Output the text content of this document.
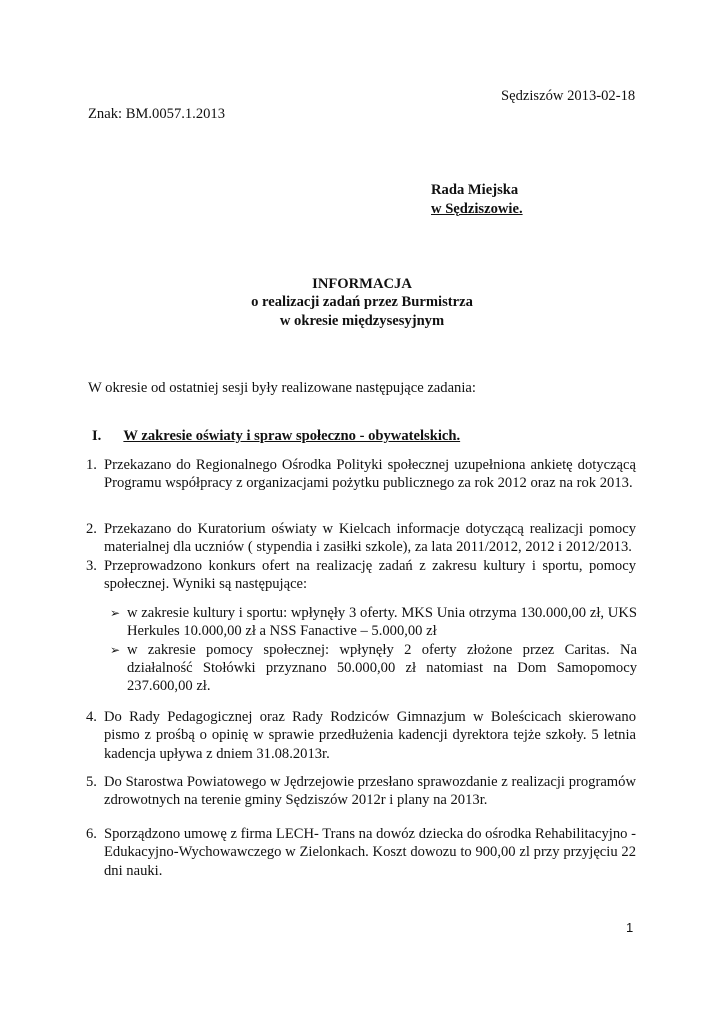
Sędziszów 2013-02-18
Znak: BM.0057.1.2013
Rada Miejska
w Sędziszowie.
INFORMACJA
o realizacji zadań przez Burmistrza
w okresie międzysesyjnym
W okresie od ostatniej sesji były realizowane następujące zadania:
I. W zakresie oświaty i spraw społeczno - obywatelskich.
1. Przekazano do Regionalnego Ośrodka Polityki społecznej uzupełniona ankietę dotyczącą Programu współpracy z organizacjami pożytku publicznego za rok 2012 oraz na rok 2013.
2. Przekazano do Kuratorium oświaty w Kielcach informacje dotyczącą realizacji pomocy materialnej dla uczniów ( stypendia i zasiłki szkole), za lata 2011/2012, 2012 i 2012/2013.
3. Przeprowadzono konkurs ofert na realizację zadań z zakresu kultury i sportu, pomocy społecznej. Wyniki są następujące:
➢ w zakresie kultury i sportu: wpłynęły 3 oferty. MKS Unia otrzyma 130.000,00 zł, UKS Herkules 10.000,00 zł a NSS Fanactive – 5.000,00 zł
➢ w zakresie pomocy społecznej: wpłynęły 2 oferty złożone przez Caritas. Na działalność Stołówki przyznano 50.000,00 zł natomiast na Dom Samopomocy 237.600,00 zł.
4. Do Rady Pedagogicznej oraz Rady Rodziców Gimnazjum w Boleścicach skierowano pismo z prośbą o opinię w sprawie przedłużenia kadencji dyrektora tejże szkoły. 5 letnia kadencja upływa z dniem 31.08.2013r.
5. Do Starostwa Powiatowego w Jędrzejowie przesłano sprawozdanie z realizacji programów zdrowotnych na terenie gminy Sędziszów 2012r i plany na 2013r.
6. Sporządzono umowę z firma LECH- Trans na dowóz dziecka do ośrodka Rehabilitacyjno -Edukacyjno-Wychowawczego w Zielonkach. Koszt dowozu to 900,00 zl przy przyjęciu 22 dni nauki.
1
